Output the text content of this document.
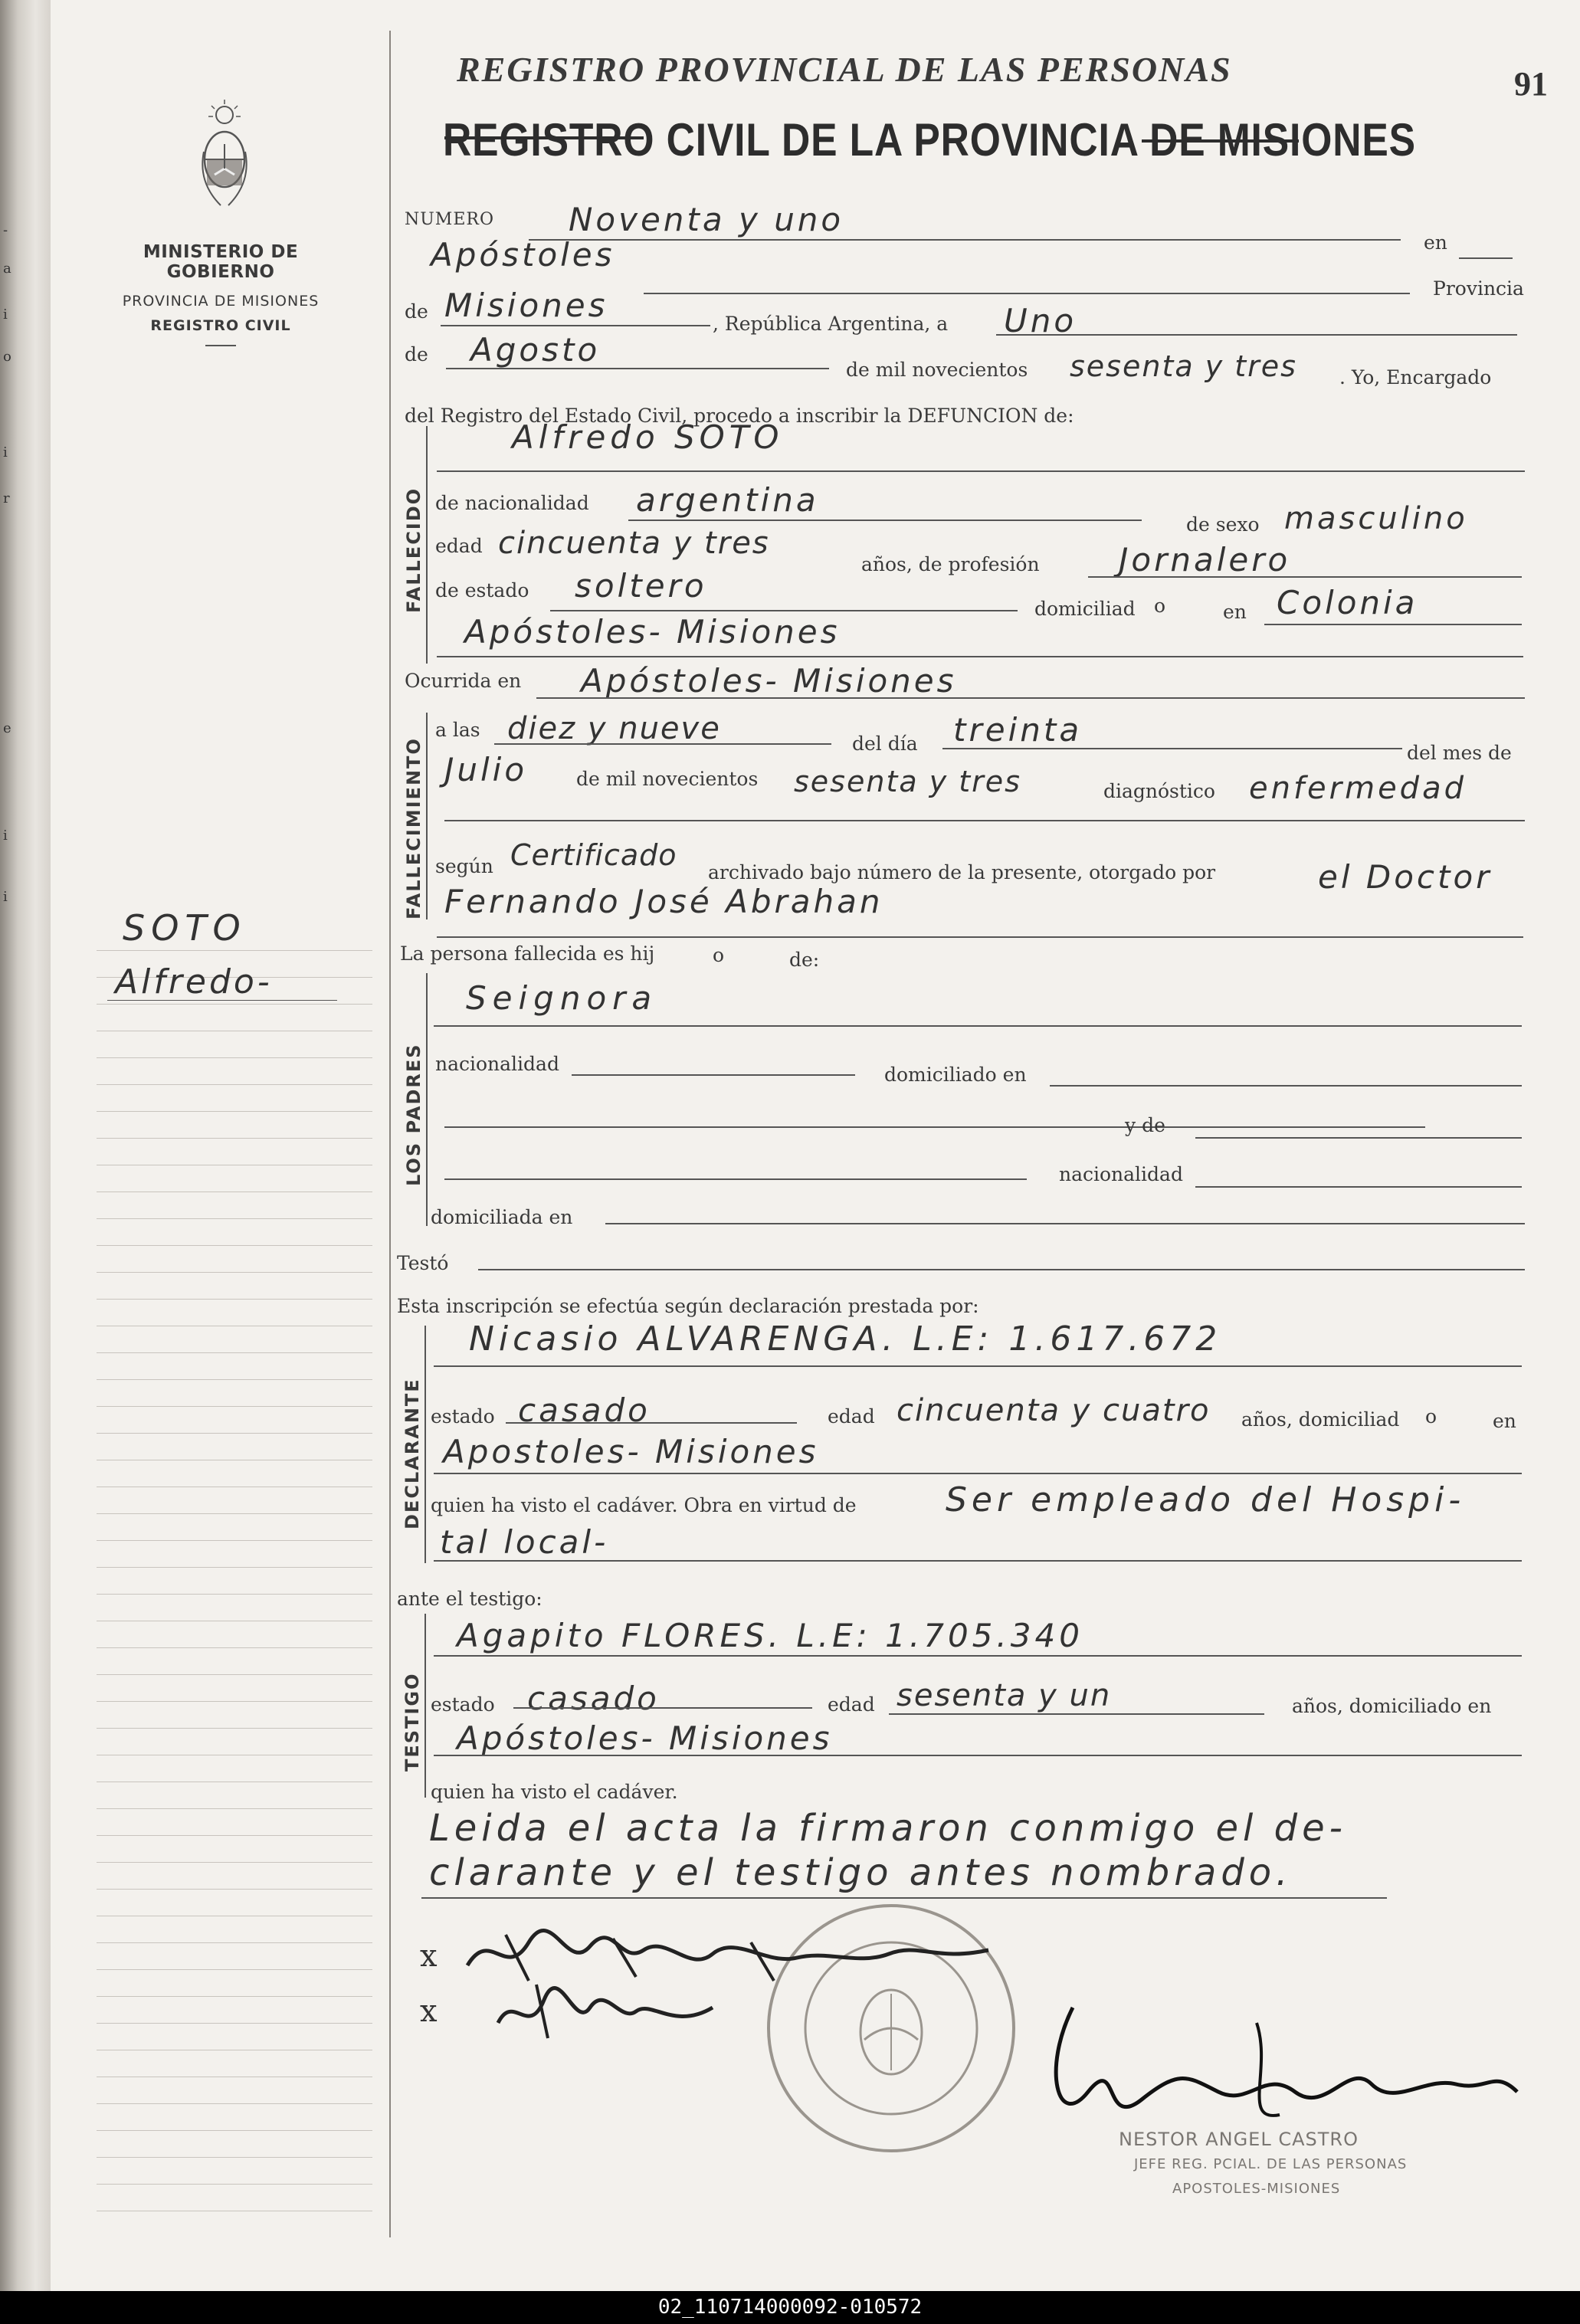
-
a
i
o
i
r
e
i
i
MINISTERIO DE GOBIERNO
PROVINCIA DE MISIONES
REGISTRO CIVIL
SOTO
Alfredo-
REGISTRO PROVINCIAL DE LAS PERSONAS
REGISTRO CIVIL DE LA PROVINCIA DE MISIONES
91
NUMERO Noventa y uno
en
Apóstoles
Provincia
de Misiones	, República Argentina, a Uno
de Agosto
de mil novecientos sesenta y tres . Yo, Encargado
del Registro del Estado Civil, procedo a inscribir la DEFUNCION de:
FALLECIDO
Alfredo SOTO
de nacionalidad argentina
de sexo masculino
edad cincuenta y tres
años, de profesión Jornalero
de estado soltero
domiciliad o	en Colonia
Apóstoles- Misiones
Ocurrida en Apóstoles- Misiones
FALLECIMIENTO
a las diez y nueve	del día treinta
del mes de
Julio	de mil novecientos sesenta y tres	diagnóstico enfermedad
según Certificado
archivado bajo número de la presente, otorgado por	el Doctor
Fernando José Abrahan
La persona fallecida es hij	o	de:
LOS PADRES
Seignora
nacionalidad	domiciliado en
y de
nacionalidad
domiciliada en
Testó
Esta inscripción se efectúa según declaración prestada por:
DECLARANTE
Nicasio ALVARENGA. L.E: 1.617.672
estado casado	edad cincuenta y cuatro años, domiciliad o	en
Apostoles- Misiones
quien ha visto el cadáver. Obra en virtud de	Ser empleado del Hospi-
tal local-
ante el testigo:
TESTIGO
Agapito FLORES. L.E: 1.705.340
estado casado	edad sesenta y un	años, domiciliado en
Apóstoles- Misiones
quien ha visto el cadáver.
Leida el acta la firmaron conmigo el de-
clarante y el testigo antes nombrado.
x
x
NESTOR ANGEL CASTRO
JEFE REG. PCIAL. DE LAS PERSONAS
APOSTOLES-MISIONES
02_110714000092-010572
